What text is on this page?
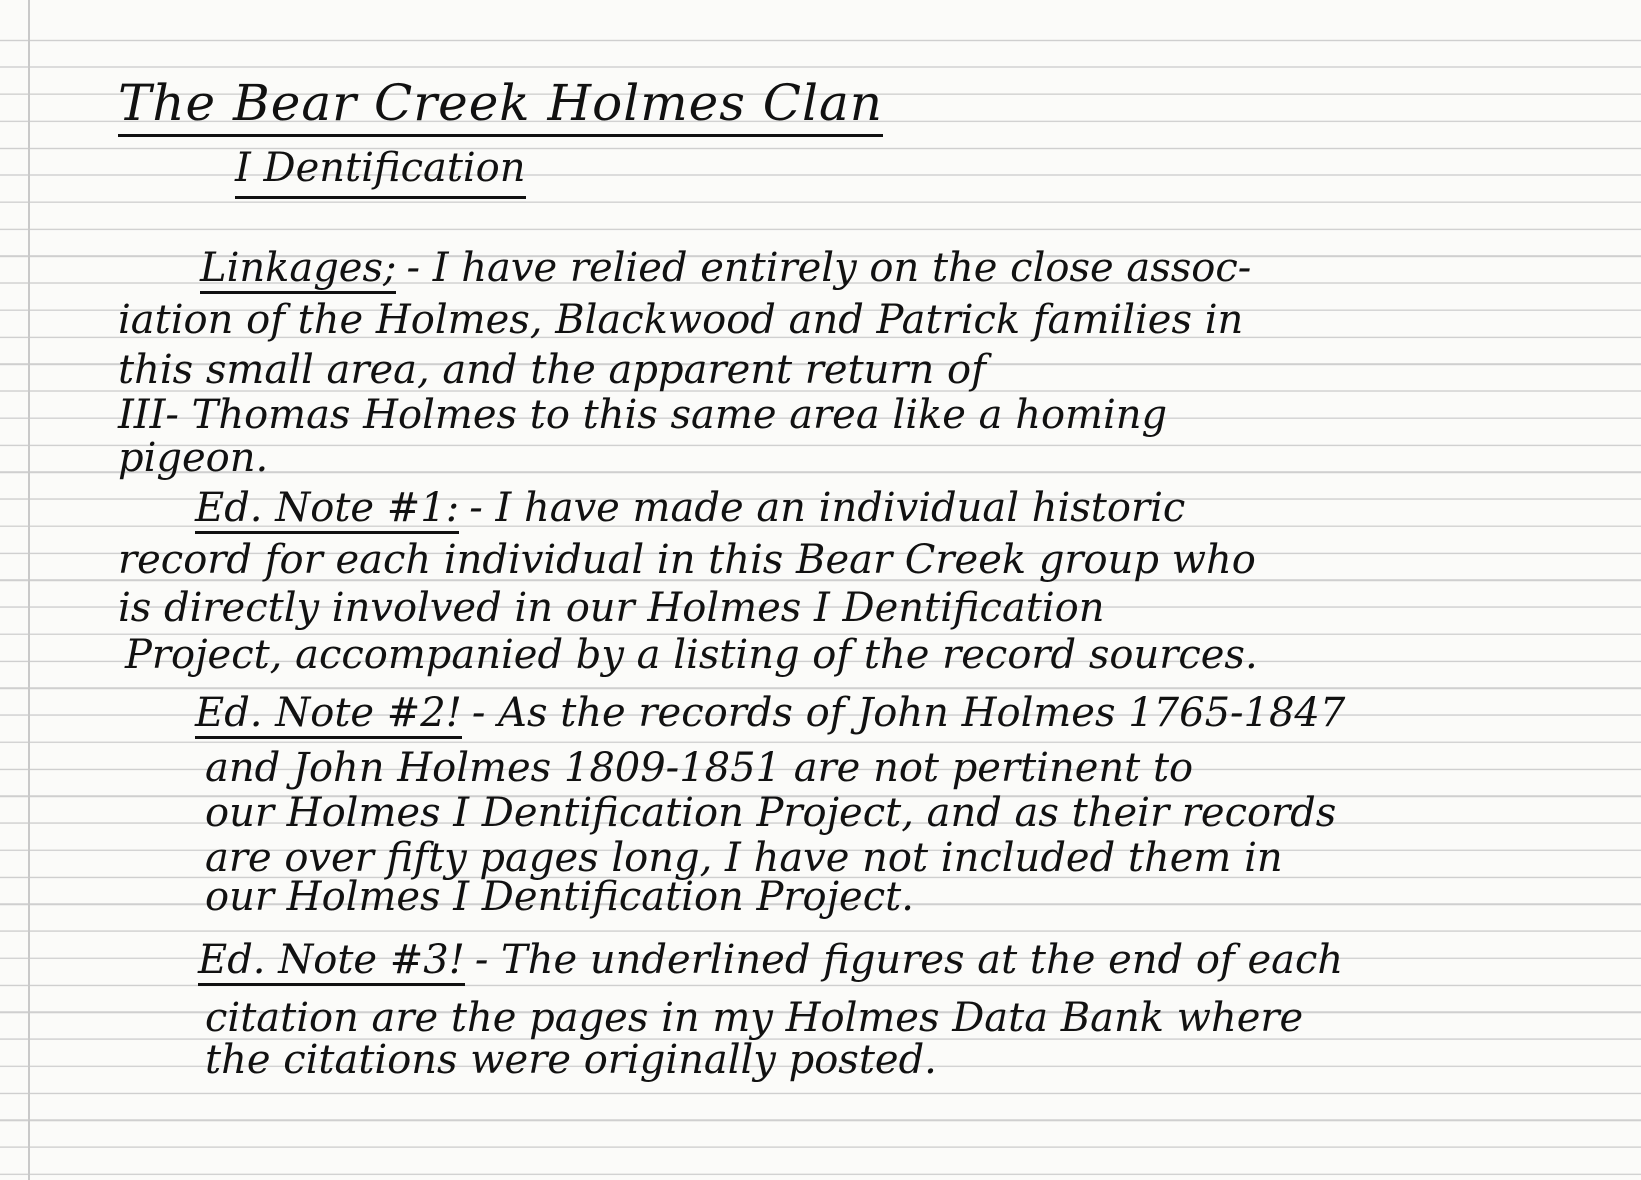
The Bear Creek Holmes Clan
I Dentification
Linkages; - I have relied entirely on the close assoc-
iation of the Holmes, Blackwood and Patrick families in
this small area, and the apparent return of
III- Thomas Holmes to this same area like a homing
pigeon.
Ed. Note #1: - I have made an individual historic
record for each individual in this Bear Creek group who
is directly involved in our Holmes I Dentification
Project, accompanied by a listing of the record sources.
Ed. Note #2! - As the records of John Holmes 1765-1847
and John Holmes 1809-1851 are not pertinent to
our Holmes I Dentification Project, and as their records
are over fifty pages long, I have not included them in
our Holmes I Dentification Project.
Ed. Note #3! - The underlined figures at the end of each
citation are the pages in my Holmes Data Bank where
the citations were originally posted.
